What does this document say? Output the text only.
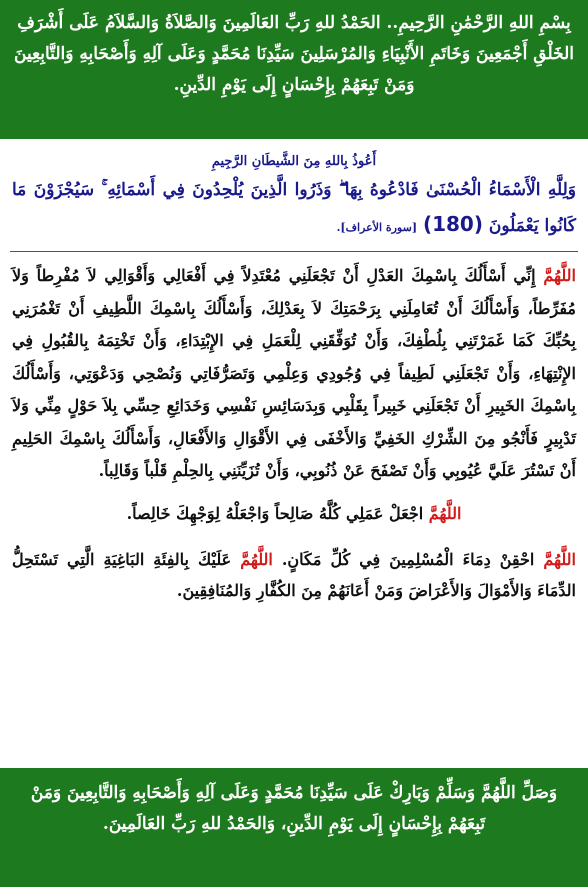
بِسْمِ اللهِ الرَّحْمَٰنِ الرَّحِيمِ.. الحَمْدُ للهِ رَبِّ العَالَمِينَ وَالصَّلاَةُ وَالسَّلاَمُ عَلَى أَشْرَفِ الخَلْقِ أَجْمَعِينَ وَخَاتَمِ الأَنْبِيَاءِ وَالمُرْسَلِينَ سَيِّدِنَا مُحَمَّدٍ وَعَلَى آلِهِ وَأَصْحَابِهِ وَالتَّابِعِينَ وَمَنْ تَبِعَهُمْ بِإِحْسَانٍ إِلَى يَوْمِ الدِّينِ.
أَعُوذُ بِاللهِ مِنَ الشَّيطَانِ الرَّجِيمِ
وَلِلَّهِ الْأَسْمَاءُ الْحُسْنَىٰ فَادْعُوهُ بِهَا ۖ وَذَرُوا الَّذِينَ يُلْحِدُونَ فِي أَسْمَائِهِ ۚ سَيُجْزَوْنَ مَا كَانُوا يَعْمَلُونَ (180) [سورة الأعراف].
اللَّهُمَّ إِنِّي أَسْأَلُكَ بِاسْمِكَ العَدْلِ أَنْ تَجْعَلَنِي مُعْتَدِلاً فِي أَفْعَالِي وَأَقْوَالِي لاَ مُفْرِطاً وَلاَ مُفَرِّطاً، وَأَسْأَلُكَ أَنْ تُعَامِلَنِي بِرَحْمَتِكَ لاَ بِعَدْلِكَ، وَأَسْأَلُكَ بِاسْمِكَ اللَّطِيفِ أَنْ تَغْمُرَنِي بِحُبِّكَ كَمَا غَمَرْتَنِي بِلُطْفِكَ، وَأَنْ تُوَفِّقَنِي لِلْعَمَلِ فِي الإِبْتِدَاءِ، وَأَنْ تَخْتِمَهُ بِالقُبُولِ فِي الإِنْتِهَاءِ، وَأَنْ تَجْعَلَنِي لَطِيفاً فِي وُجُودِي وَعِلْمِي وَتَصَرُّفَاتِي وَنُصْحِي وَدَعْوَتِي، وَأَسْأَلُكَ بِاسْمِكَ الخَبِيرِ أَنْ تَجْعَلَنِي خَبِيراً بِقَلْبِي وَبِدَسَائِسِ نَفْسِي وَخَدَائِعِ حِسِّي بِلاَ حَوْلٍ مِنِّي وَلاَ تَدْبِيرٍ فَأَنْجُو مِنَ الشِّرْكِ الخَفِيِّ وَالأَخْفَى فِي الأَقْوَالِ وَالأَفْعَالِ، وَأَسْأَلُكَ بِاسْمِكَ الحَلِيمِ أَنْ تَسْتُرَ عَلَيَّ عُيُوبِي وَأَنْ تَصْفَحَ عَنْ ذُنُوبِي، وَأَنْ تُزَيِّنَنِي بِالحِلْمِ قَلْباً وَقَالِباً.
اللَّهُمَّ اجْعَلْ عَمَلِي كُلَّهُ صَالِحاً وَاجْعَلْهُ لِوَجْهِكَ خَالِصاً.
اللَّهُمَّ احْقِنْ دِمَاءَ الْمُسْلِمِينَ فِي كُلِّ مَكَانٍ. اللَّهُمَّ عَلَيْكَ بِالفِئَةِ البَاغِيَةِ الَّتِي تَسْتَحِلُّ الدِّمَاءَ وَالأَمْوَالَ وَالأَعْرَاضَ وَمَنْ أَعَانَهُمْ مِنَ الكُفَّارِ وَالمُنَافِقِينَ.
وَصَلِّ اللَّهُمَّ وَسَلِّمْ وَبَارِكْ عَلَى سَيِّدِنَا مُحَمَّدٍ وَعَلَى آلِهِ وَأَصْحَابِهِ وَالتَّابِعِينَ وَمَنْ تَبِعَهُمْ بِإِحْسَانٍ إِلَى يَوْمِ الدِّينِ، وَالحَمْدُ للهِ رَبِّ العَالَمِينَ.
